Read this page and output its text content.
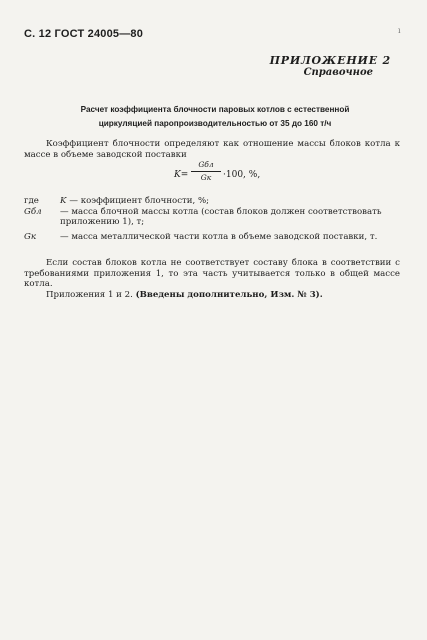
С. 12 ГОСТ 24005—80	ı
ПРИЛОЖЕНИЕ 2
Справочное
Расчет коэффициента блочности паровых котлов с естественной
циркуляцией паропроизводительностью от 35 до 160 т/ч
Коэффициент блочности определяют как отношение массы блоков котла к массе в объеме заводской поставки
K=
Gбл
Gк	·100, %,
где	K — коэффициент блочности, %;
Gбл	— масса блочной массы котла (состав блоков должен соответствовать
приложению 1), т;
Gк	— масса металлической части котла в объеме заводской поставки, т.
Если состав блоков котла не соответствует составу блока в соответствии с требованиями приложения 1, то эта часть учитывается только в общей массе котла.
Приложения 1 и 2. (Введены дополнительно, Изм. № 3).
